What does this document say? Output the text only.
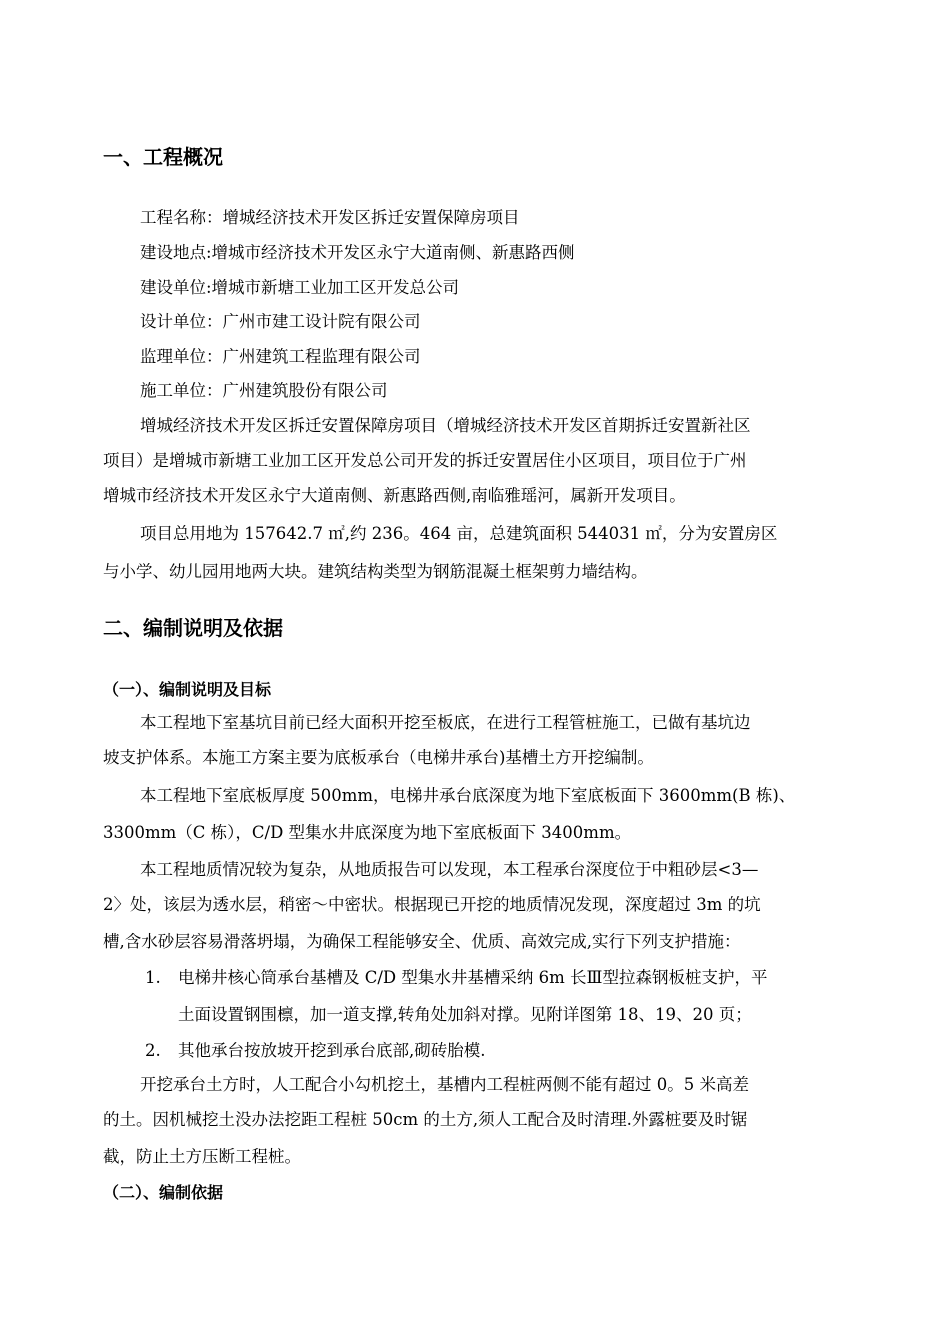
一、工程概况
工程名称：增城经济技术开发区拆迁安置保障房项目
建设地点:增城市经济技术开发区永宁大道南侧、新惠路西侧
建设单位:增城市新塘工业加工区开发总公司
设计单位：广州市建工设计院有限公司
监理单位：广州建筑工程监理有限公司
施工单位：广州建筑股份有限公司
增城经济技术开发区拆迁安置保障房项目（增城经济技术开发区首期拆迁安置新社区
项目）是增城市新塘工业加工区开发总公司开发的拆迁安置居住小区项目，项目位于广州
增城市经济技术开发区永宁大道南侧、新惠路西侧,南临雅瑶河，属新开发项目。
项目总用地为 157642.7 ㎡,约 236。464 亩，总建筑面积 544031 ㎡，分为安置房区
与小学、幼儿园用地两大块。建筑结构类型为钢筋混凝土框架剪力墙结构。
二、编制说明及依据
（一）、编制说明及目标
本工程地下室基坑目前已经大面积开挖至板底，在进行工程管桩施工，已做有基坑边
坡支护体系。本施工方案主要为底板承台（电梯井承台)基槽土方开挖编制。
本工程地下室底板厚度 500mm，电梯井承台底深度为地下室底板面下 3600mm(B 栋)、
3300mm（C 栋），C/D 型集水井底深度为地下室底板面下 3400mm。
本工程地质情况较为复杂，从地质报告可以发现，本工程承台深度位于中粗砂层<3—
2〉处，该层为透水层，稍密～中密状。根据现已开挖的地质情况发现，深度超过 3m 的坑
槽,含水砂层容易滑落坍塌，为确保工程能够安全、优质、高效完成,实行下列支护措施：
1. 电梯井核心筒承台基槽及 C/D 型集水井基槽采纳 6m 长Ⅲ型拉森钢板桩支护，平
土面设置钢围檩，加一道支撑,转角处加斜对撑。见附详图第 18、19、20 页；
2. 其他承台按放坡开挖到承台底部,砌砖胎模.
开挖承台土方时，人工配合小勾机挖土，基槽内工程桩两侧不能有超过 0。5 米高差
的土。因机械挖土没办法挖距工程桩 50cm 的土方,须人工配合及时清理.外露桩要及时锯
截，防止土方压断工程桩。
（二）、编制依据
